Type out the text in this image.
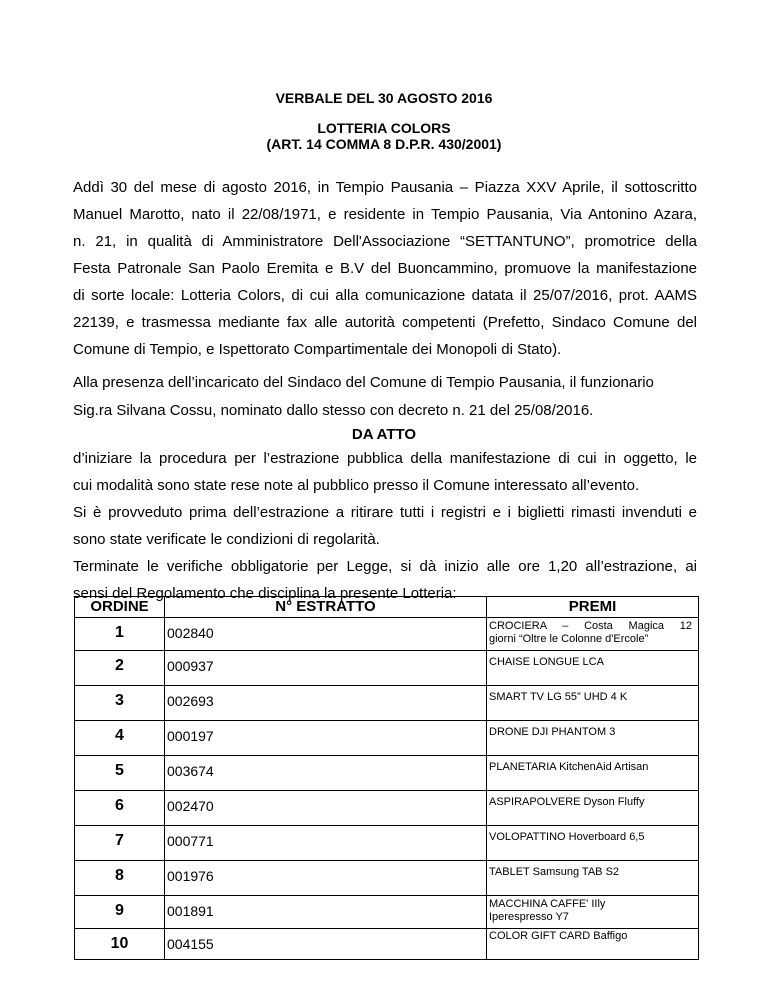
VERBALE DEL 30 AGOSTO 2016
LOTTERIA COLORS
(ART. 14 COMMA 8 D.P.R. 430/2001)
Addì 30 del mese di agosto 2016, in Tempio Pausania – Piazza XXV Aprile, il sottoscritto
Manuel Marotto, nato il 22/08/1971, e residente in Tempio Pausania, Via Antonino Azara,
n. 21, in qualità di Amministratore Dell'Associazione “SETTANTUNO”, promotrice della
Festa Patronale San Paolo Eremita e B.V del Buoncammino, promuove la manifestazione
di sorte locale: Lotteria Colors, di cui alla comunicazione datata il 25/07/2016, prot. AAMS
22139, e trasmessa mediante fax alle autorità competenti (Prefetto, Sindaco Comune del
Comune di Tempio, e Ispettorato Compartimentale dei Monopoli di Stato).
Alla presenza dell’incaricato del Sindaco del Comune di Tempio Pausania, il funzionario
Sig.ra Silvana Cossu, nominato dallo stesso con decreto n. 21 del 25/08/2016.
DA ATTO
d’iniziare la procedura per l’estrazione pubblica della manifestazione di cui in oggetto, le
cui modalità sono state rese note al pubblico presso il Comune interessato all’evento.
Si è provveduto prima dell’estrazione a ritirare tutti i registri e i biglietti rimasti invenduti e
sono state verificate le condizioni di regolarità.
Terminate le verifiche obbligatorie per Legge, si dà inizio alle ore 1,20 all’estrazione, ai
sensi del Regolamento che disciplina la presente Lotteria:
ORDINE	N° ESTRATTO	PREMI
1	002840	CROCIERA – Costa Magica 12
giorni “Oltre le Colonne d'Ercole”

2	000937	CHAISE LONGUE LCA

3	002693	SMART TV LG 55” UHD 4 K

4	000197	DRONE DJI PHANTOM 3

5	003674	PLANETARIA KitchenAid Artisan

6	002470	ASPIRAPOLVERE Dyson Fluffy

7	000771	VOLOPATTINO Hoverboard 6,5

8	001976	TABLET Samsung TAB S2

9	001891	MACCHINA CAFFE' IIly
Iperespresso Y7

10	004155	COLOR GIFT CARD Baffigo
